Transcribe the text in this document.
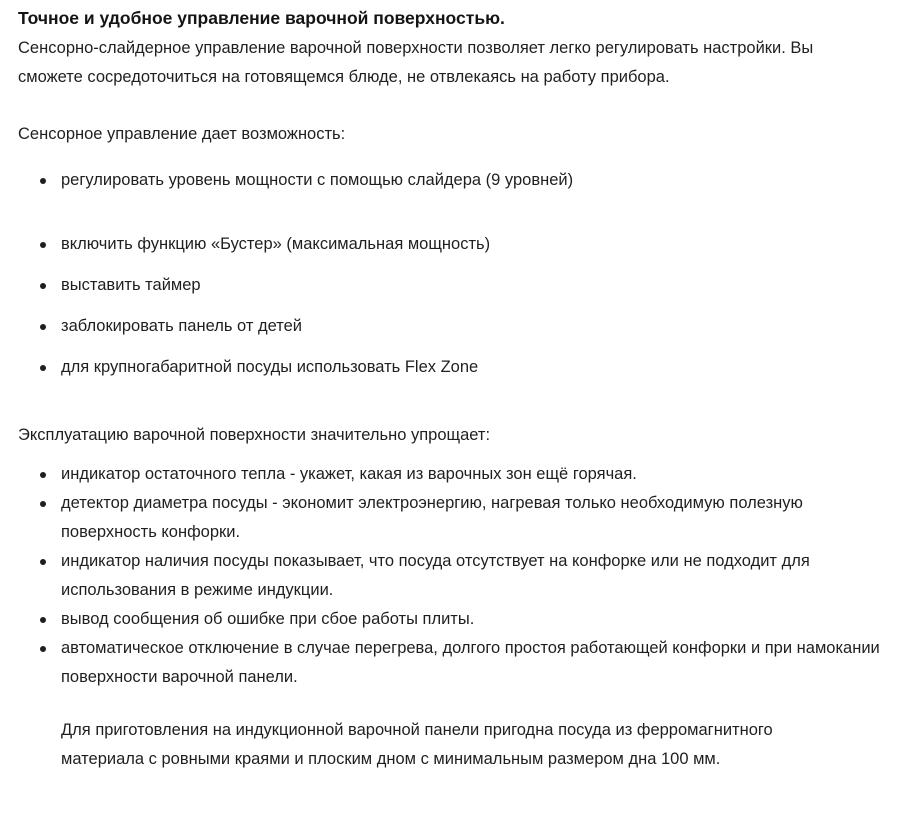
Точное и удобное управление варочной поверхностью.

Сенсорно-слайдерное управление варочной поверхности позволяет легко регулировать настройки. Вы сможете сосредоточиться на готовящемся блюде, не отвлекаясь на работу прибора.

Сенсорное управление дает возможность:

регулировать уровень мощности с помощью слайдера (9 уровней)
включить функцию «Бустер» (максимальная мощность)
выставить таймер
заблокировать панель от детей
для крупногабаритной посуды использовать Flex Zone

Эксплуатацию варочной поверхности значительно упрощает:

индикатор остаточного тепла - укажет, какая из варочных зон ещё горячая.
детектор диаметра посуды - экономит электроэнергию, нагревая только необходимую полезную поверхность конфорки.
индикатор наличия посуды показывает, что посуда отсутствует на конфорке или не подходит для использования в режиме индукции.
вывод сообщения об ошибке при сбое работы плиты.
автоматическое отключение в случае перегрева, долгого простоя работающей конфорки и при намокании поверхности варочной панели.

Для приготовления на индукционной варочной панели пригодна посуда из ферромагнитного материала с ровными краями и плоским дном с минимальным размером дна 100 мм.
